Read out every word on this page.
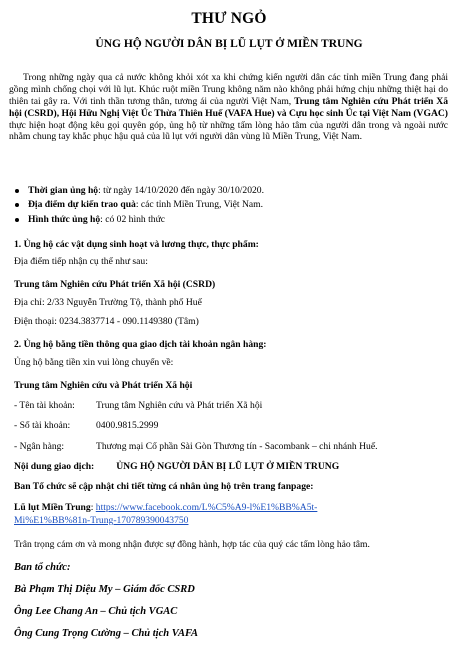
THƯ NGỎ
ỦNG HỘ NGƯỜI DÂN BỊ LŨ LỤT Ở MIỀN TRUNG

Trong những ngày qua cả nước không khỏi xót xa khi chứng kiến người dân các tỉnh miền Trung đang phải gồng mình chống chọi với lũ lụt. Khúc ruột miền Trung không năm nào không phải hứng chịu những thiệt hại do thiên tai gây ra. Với tinh thần tương thân, tương ái của người Việt Nam, Trung tâm Nghiên cứu Phát triển Xã hội (CSRD), Hội Hữu Nghị Việt Úc Thừa Thiên Huế (VAFA Hue) và Cựu học sinh Úc tại Việt Nam (VGAC) thực hiện hoạt động kêu gọi quyên góp, ủng hộ từ những tấm lòng hảo tâm của người dân trong và ngoài nước nhằm chung tay khắc phục hậu quả của lũ lụt với người dân vùng lũ Miền Trung, Việt Nam.

Thời gian ủng hộ: từ ngày 14/10/2020 đến ngày 30/10/2020.
Địa điểm dự kiến trao quà: các tỉnh Miền Trung, Việt Nam.
Hình thức ủng hộ: có 02 hình thức
1. Ủng hộ các vật dụng sinh hoạt và lương thực, thực phẩm:
Địa điểm tiếp nhận cụ thể như sau:
Trung tâm Nghiên cứu Phát triển Xã hội (CSRD)
Địa chỉ: 2/33 Nguyễn Trường Tộ, thành phố Huế
Điện thoại: 0234.3837714 - 090.1149380 (Tâm)
2. Ủng hộ bằng tiền thông qua giao dịch tài khoản ngân hàng:
Ủng hộ bằng tiền xin vui lòng chuyển về:
Trung tâm Nghiên cứu và Phát triển Xã hội
- Tên tài khoản: Trung tâm Nghiên cứu và Phát triển Xã hội
- Số tài khoản:	0400.9815.2999
- Ngân hàng:	Thương mại Cổ phần Sài Gòn Thương tín - Sacombank – chi nhánh Huế.
Nội dung giao dịch: ỦNG HỘ NGƯỜI DÂN BỊ LŨ LỤT Ở MIỀN TRUNG
Ban Tổ chức sẽ cập nhật chi tiết từng cá nhân ủng hộ trên trang fanpage:
Lũ lụt Miền Trung: https://www.facebook.com/L%C5%A9-l%E1%BB%A5t-
Mi%E1%BB%81n-Trung-170789390043750
Trân trọng cám ơn và mong nhận được sự đồng hành, hợp tác của quý các tấm lòng hảo tâm.
Ban tổ chức:
Bà Phạm Thị Diệu My – Giám đốc CSRD
Ông Lee Chang An – Chủ tịch VGAC
Ông Cung Trọng Cường – Chủ tịch VAFA
